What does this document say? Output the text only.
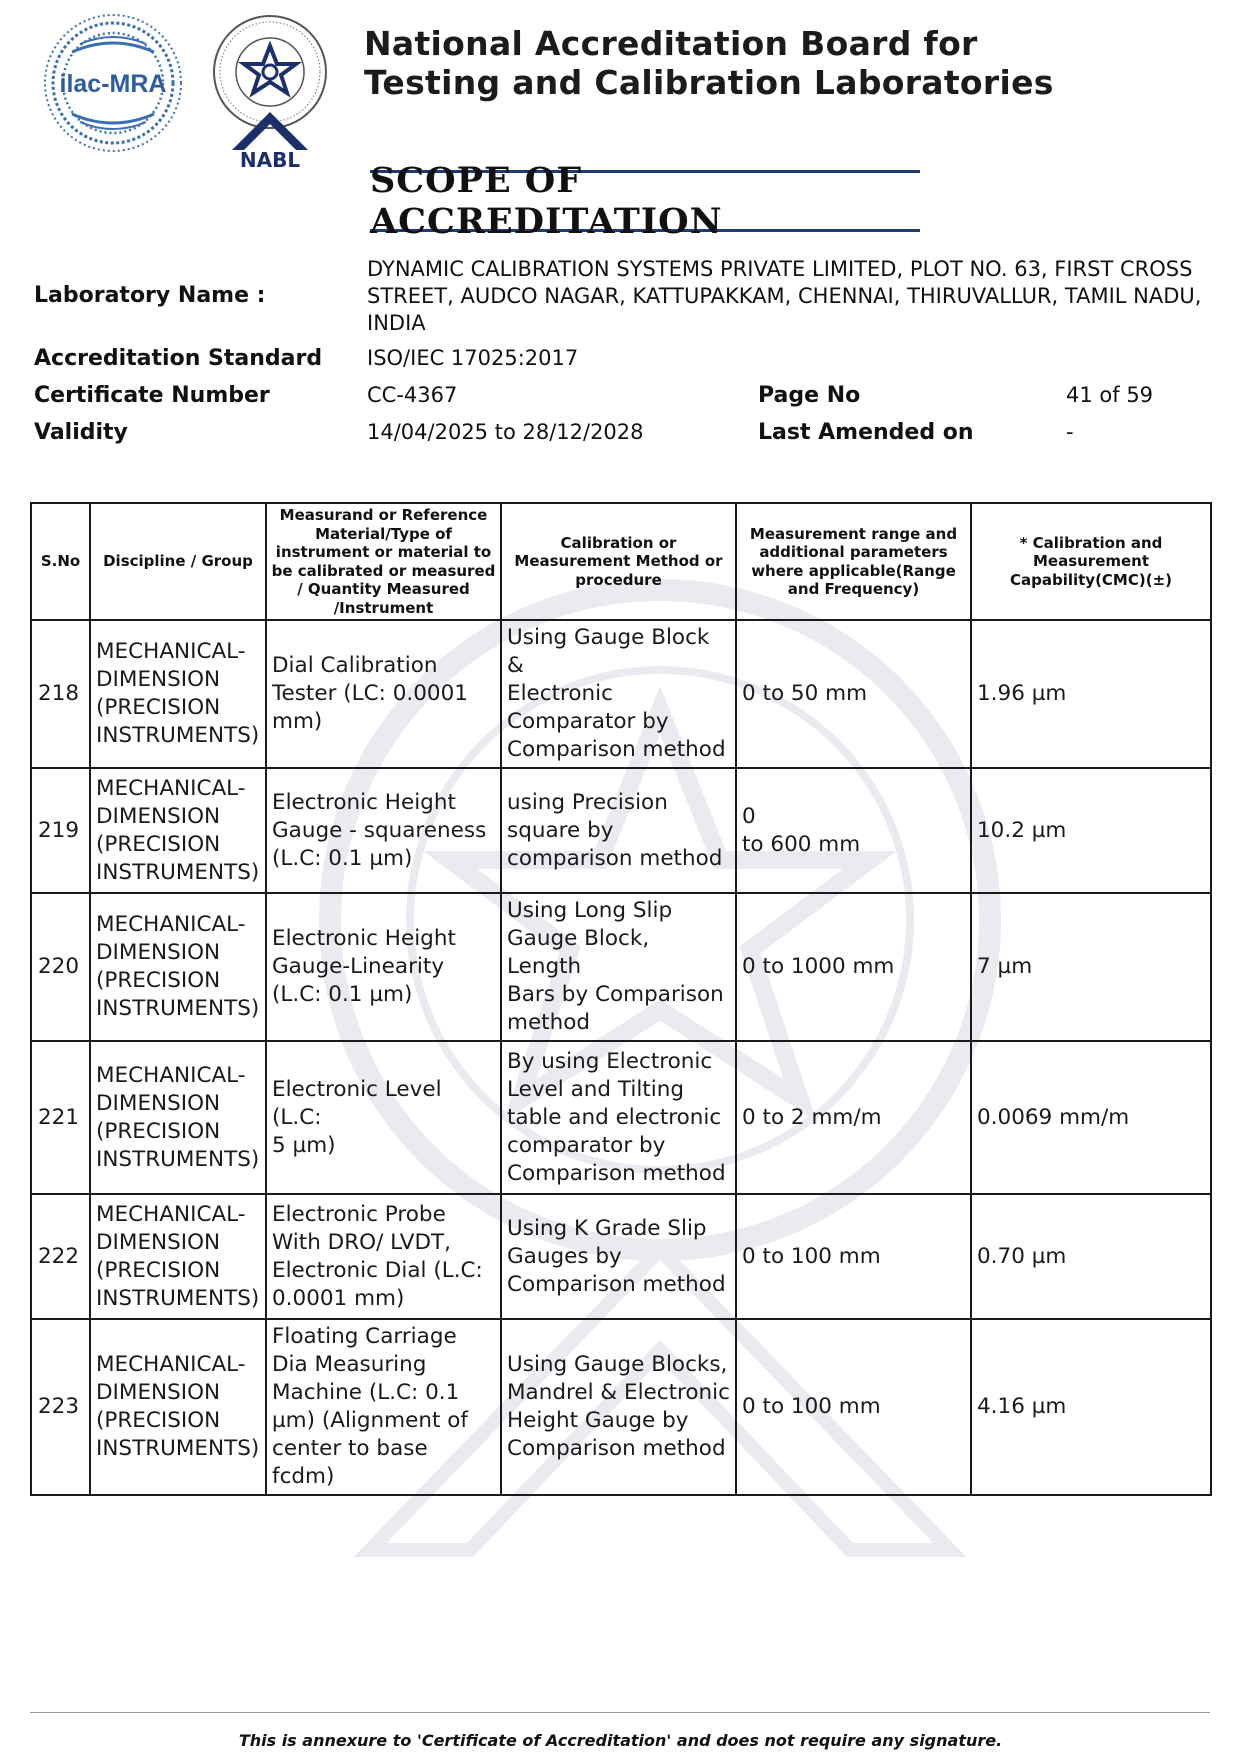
ilac-MRA
NABL
National Accreditation Board for
Testing and Calibration Laboratories
SCOPE OF ACCREDITATION
Laboratory Name :
DYNAMIC CALIBRATION SYSTEMS PRIVATE LIMITED, PLOT NO. 63, FIRST CROSS
STREET, AUDCO NAGAR, KATTUPAKKAM, CHENNAI, THIRUVALLUR, TAMIL NADU,
INDIA
Accreditation Standard ISO/IEC 17025:2017
Certificate Number	CC-4367	Page No	41 of 59
Validity	14/04/2025 to 28/12/2028	Last Amended on	-
S.No	Discipline / Group	Measurand or Reference Material/Type of instrument or material to be calibrated or measured / Quantity Measured /Instrument	Calibration or Measurement Method or procedure	Measurement range and additional parameters where applicable(Range and Frequency)	* Calibration and Measurement Capability(CMC)(±)
218	MECHANICAL-
DIMENSION
(PRECISION
INSTRUMENTS)	Dial Calibration
Tester (LC: 0.0001
mm)	Using Gauge Block &
Electronic
Comparator by
Comparison method	0 to 50 mm	1.96 µm
219	MECHANICAL-
DIMENSION
(PRECISION
INSTRUMENTS)	Electronic Height
Gauge - squareness
(L.C: 0.1 µm)	using Precision
square by
comparison method	0
to 600 mm	10.2 µm
220	MECHANICAL-
DIMENSION
(PRECISION
INSTRUMENTS)	Electronic Height
Gauge-Linearity
(L.C: 0.1 µm)	Using Long Slip
Gauge Block, Length
Bars by Comparison
method	0 to 1000 mm	7 µm
221	MECHANICAL-
DIMENSION
(PRECISION
INSTRUMENTS)	Electronic Level (L.C:
5 µm)	By using Electronic
Level and Tilting
table and electronic
comparator by
Comparison method	0 to 2 mm/m	0.0069 mm/m
222	MECHANICAL-
DIMENSION
(PRECISION
INSTRUMENTS)	Electronic Probe
With DRO/ LVDT,
Electronic Dial (L.C:
0.0001 mm)	Using K Grade Slip
Gauges by
Comparison method	0 to 100 mm	0.70 µm
223	MECHANICAL-
DIMENSION
(PRECISION
INSTRUMENTS)	Floating Carriage
Dia Measuring
Machine (L.C: 0.1
µm) (Alignment of
center to base fcdm)	Using Gauge Blocks,
Mandrel & Electronic
Height Gauge by
Comparison method	0 to 100 mm	4.16 µm
This is annexure to 'Certificate of Accreditation' and does not require any signature.
